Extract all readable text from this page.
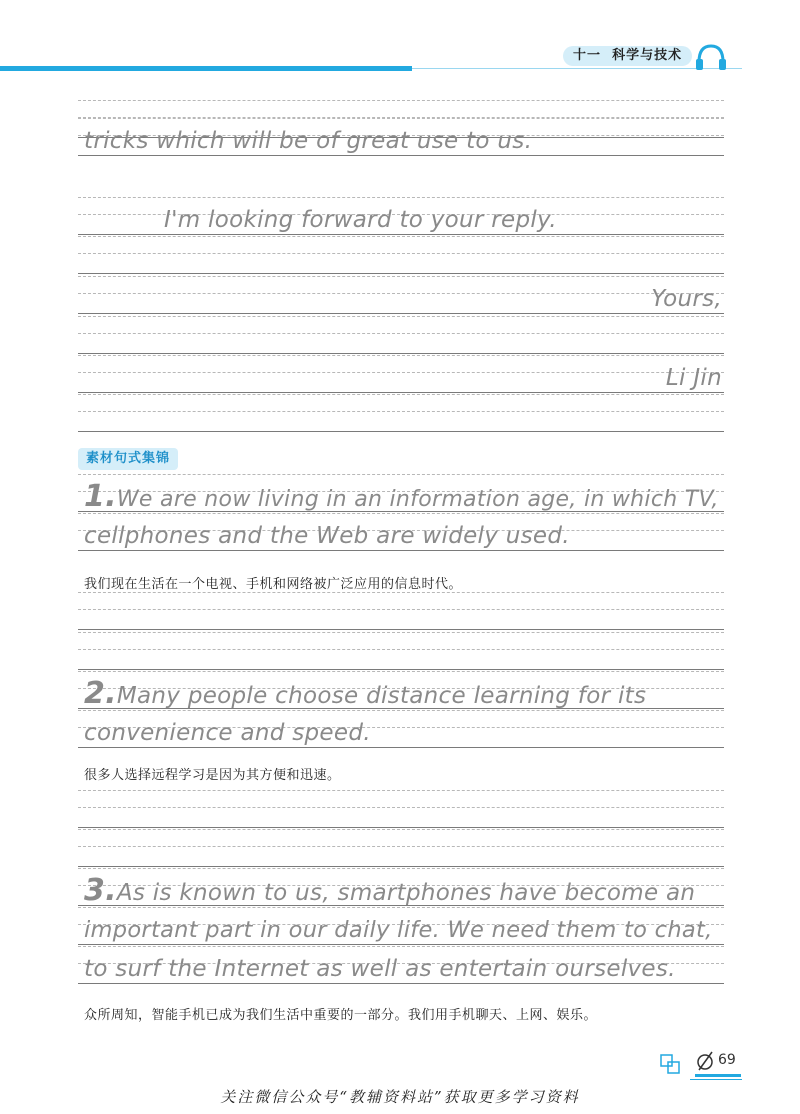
十一 科学与技术
tricks which will be of great use to us.
I'm looking forward to your reply.
Yours,
Li Jin
素材句式集锦
1.We are now living in an information age, in which TV,
cellphones and the Web are widely used.
我们现在生活在一个电视、手机和网络被广泛应用的信息时代。
2.Many people choose distance learning for its
convenience and speed.
很多人选择远程学习是因为其方便和迅速。
3.As is known to us, smartphones have become an
important part in our daily life. We need them to chat,
to surf the Internet as well as entertain ourselves.
众所周知，智能手机已成为我们生活中重要的一部分。我们用手机聊天、上网、娱乐。
69
关注微信公众号“教辅资料站”获取更多学习资料
